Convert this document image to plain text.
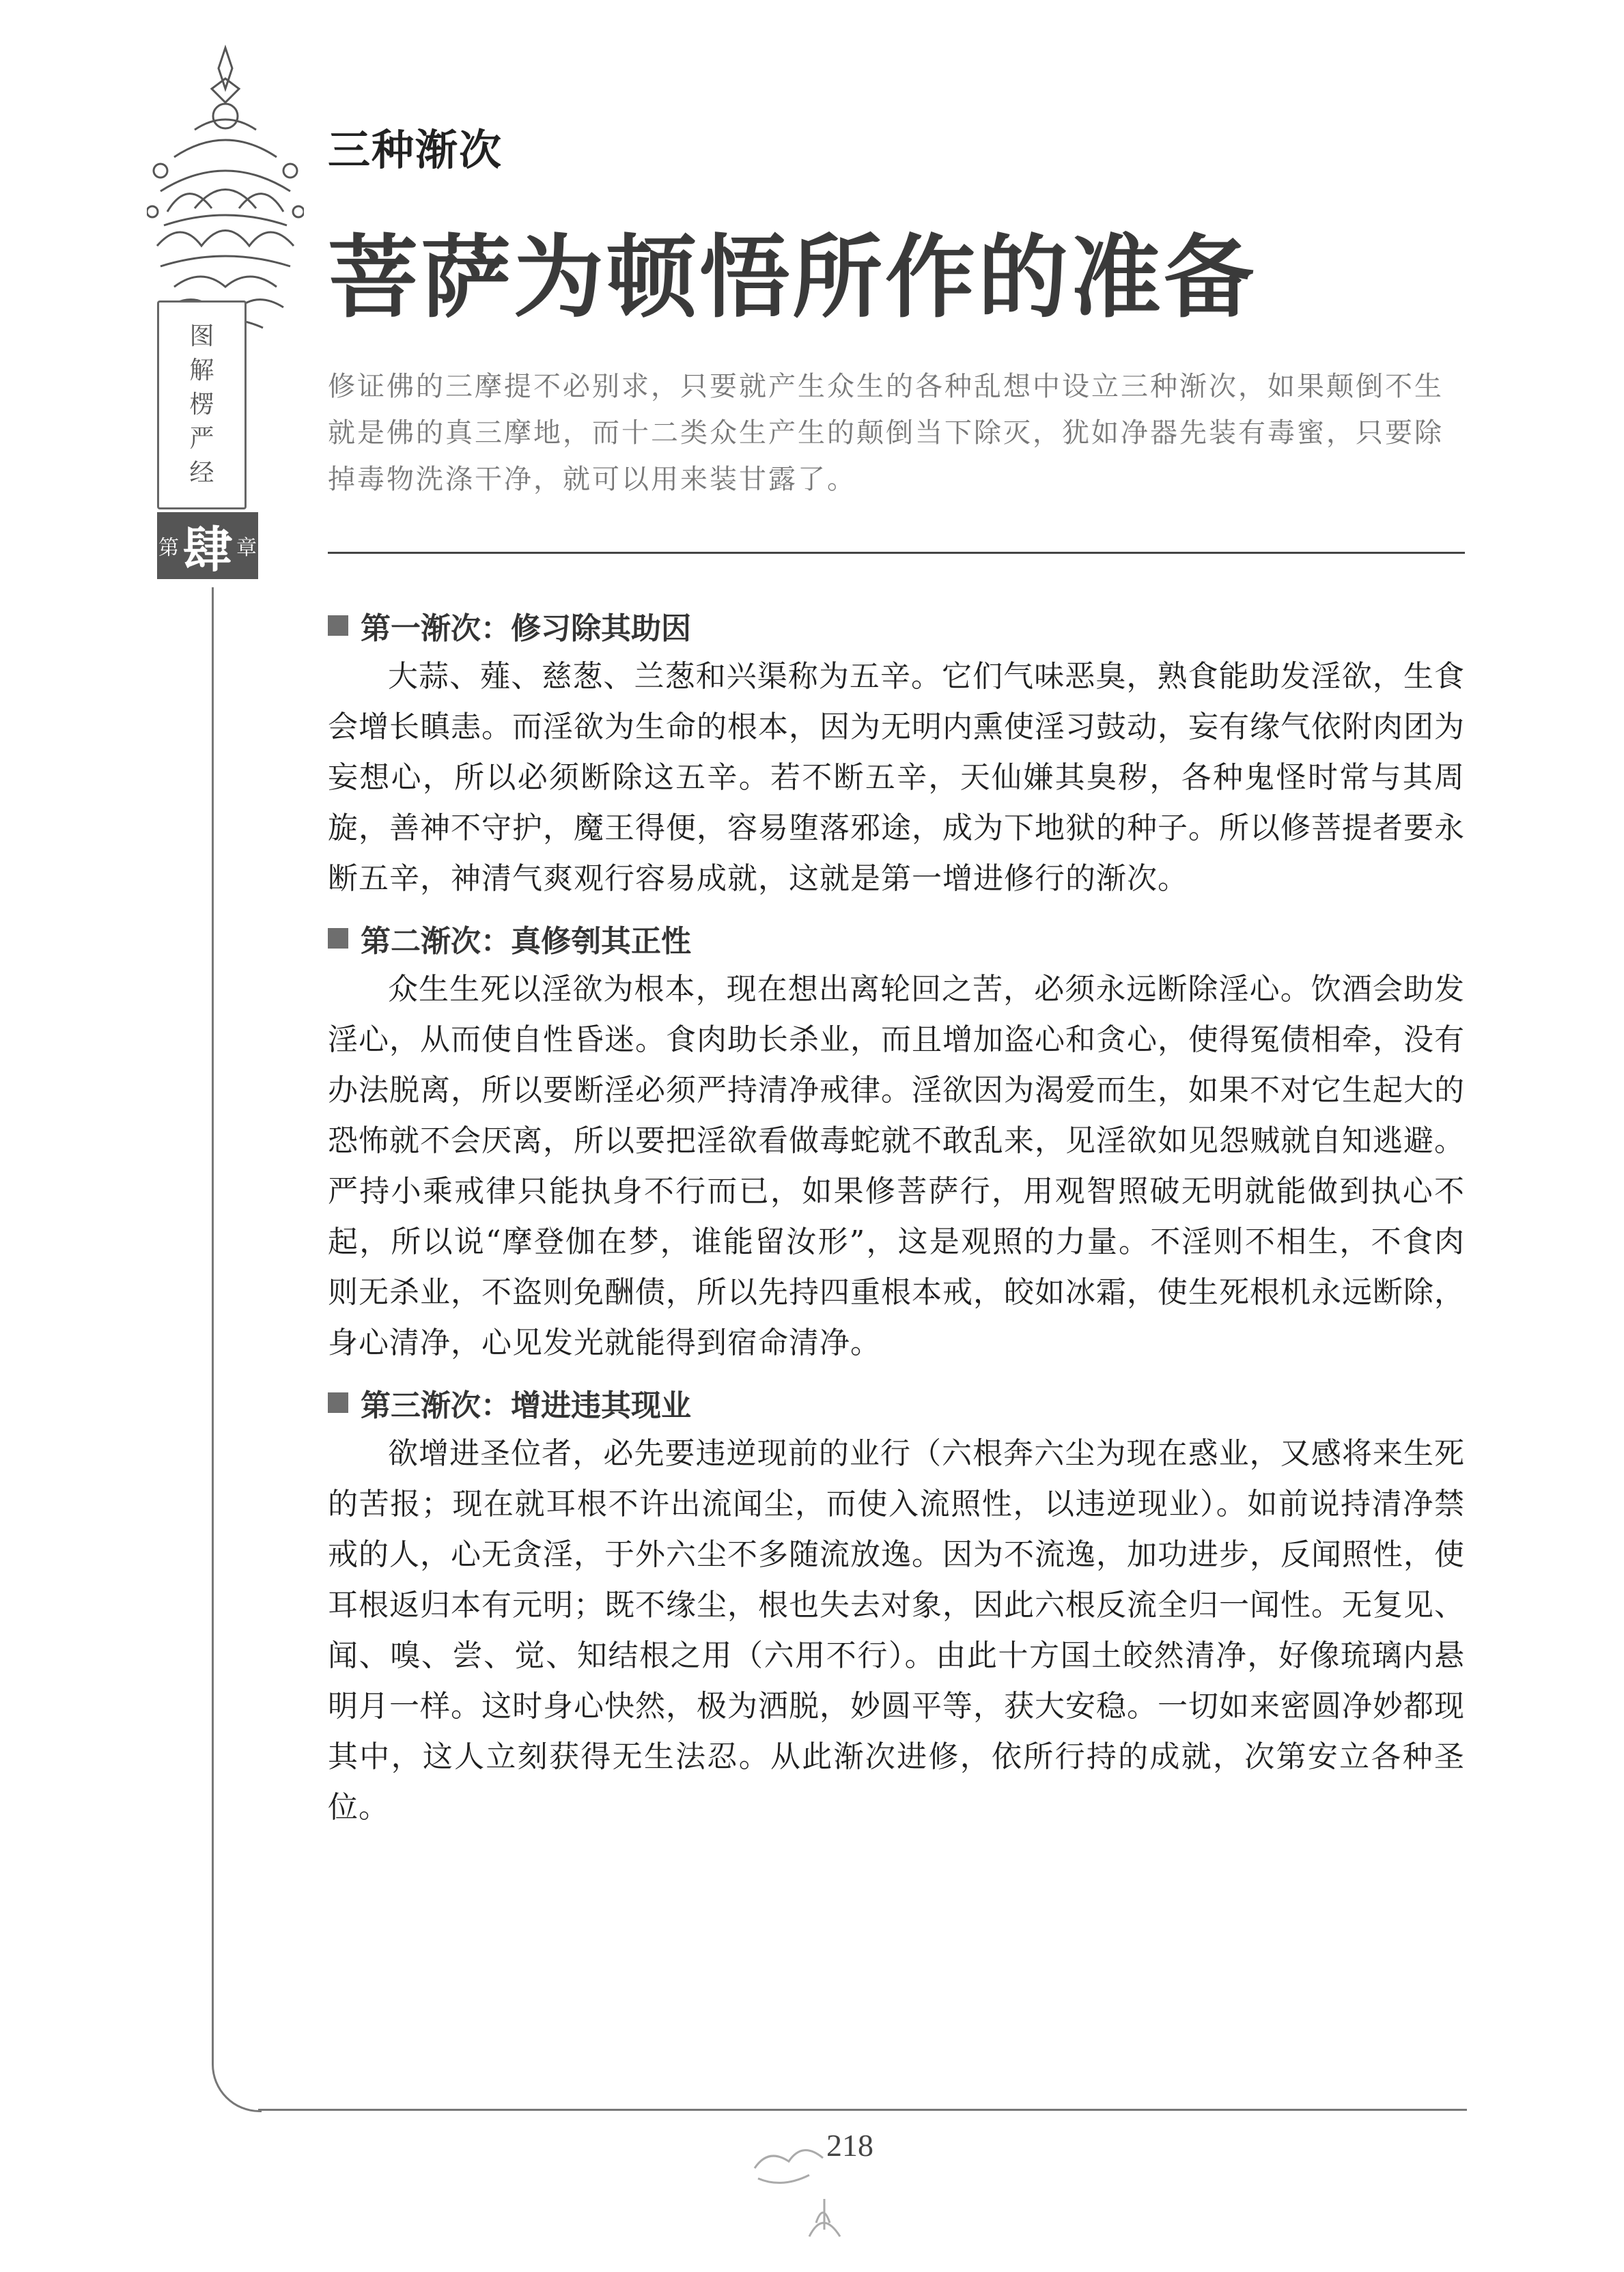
图
解
楞
严
经
第 肆 章
三种渐次
菩萨为顿悟所作的准备
修证佛的三摩提不必别求，只要就产生众生的各种乱想中设立三种渐次，如果颠倒不生就是佛的真三摩地，而十二类众生产生的颠倒当下除灭，犹如净器先装有毒蜜，只要除掉毒物洗涤干净，就可以用来装甘露了。
第一渐次：修习除其助因

大蒜、薤、慈葱、兰葱和兴渠称为五辛。它们气味恶臭，熟食能助发淫欲，生食会增长瞋恚。而淫欲为生命的根本，因为无明内熏使淫习鼓动，妄有缘气依附肉团为妄想心，所以必须断除这五辛。若不断五辛，天仙嫌其臭秽，各种鬼怪时常与其周旋，善神不守护，魔王得便，容易堕落邪途，成为下地狱的种子。所以修菩提者要永断五辛，神清气爽观行容易成就，这就是第一增进修行的渐次。

第二渐次：真修刳其正性

众生生死以淫欲为根本，现在想出离轮回之苦，必须永远断除淫心。饮酒会助发淫心，从而使自性昏迷。食肉助长杀业，而且增加盗心和贪心，使得冤债相牵，没有办法脱离，所以要断淫必须严持清净戒律。淫欲因为渴爱而生，如果不对它生起大的恐怖就不会厌离，所以要把淫欲看做毒蛇就不敢乱来，见淫欲如见怨贼就自知逃避。严持小乘戒律只能执身不行而已，如果修菩萨行，用观智照破无明就能做到执心不起，所以说“摩登伽在梦，谁能留汝形”，这是观照的力量。不淫则不相生，不食肉则无杀业，不盗则免酬债，所以先持四重根本戒，皎如冰霜，使生死根机永远断除，身心清净，心见发光就能得到宿命清净。

第三渐次：增进违其现业

欲增进圣位者，必先要违逆现前的业行（六根奔六尘为现在惑业，又感将来生死的苦报；现在就耳根不许出流闻尘，而使入流照性，以违逆现业）。如前说持清净禁戒的人，心无贪淫，于外六尘不多随流放逸。因为不流逸，加功进步，反闻照性，使耳根返归本有元明；既不缘尘，根也失去对象，因此六根反流全归一闻性。无复见、闻、嗅、尝、觉、知结根之用（六用不行）。由此十方国土皎然清净，好像琉璃内悬明月一样。这时身心快然，极为洒脱，妙圆平等，获大安稳。一切如来密圆净妙都现其中，这人立刻获得无生法忍。从此渐次进修，依所行持的成就，次第安立各种圣位。

218
